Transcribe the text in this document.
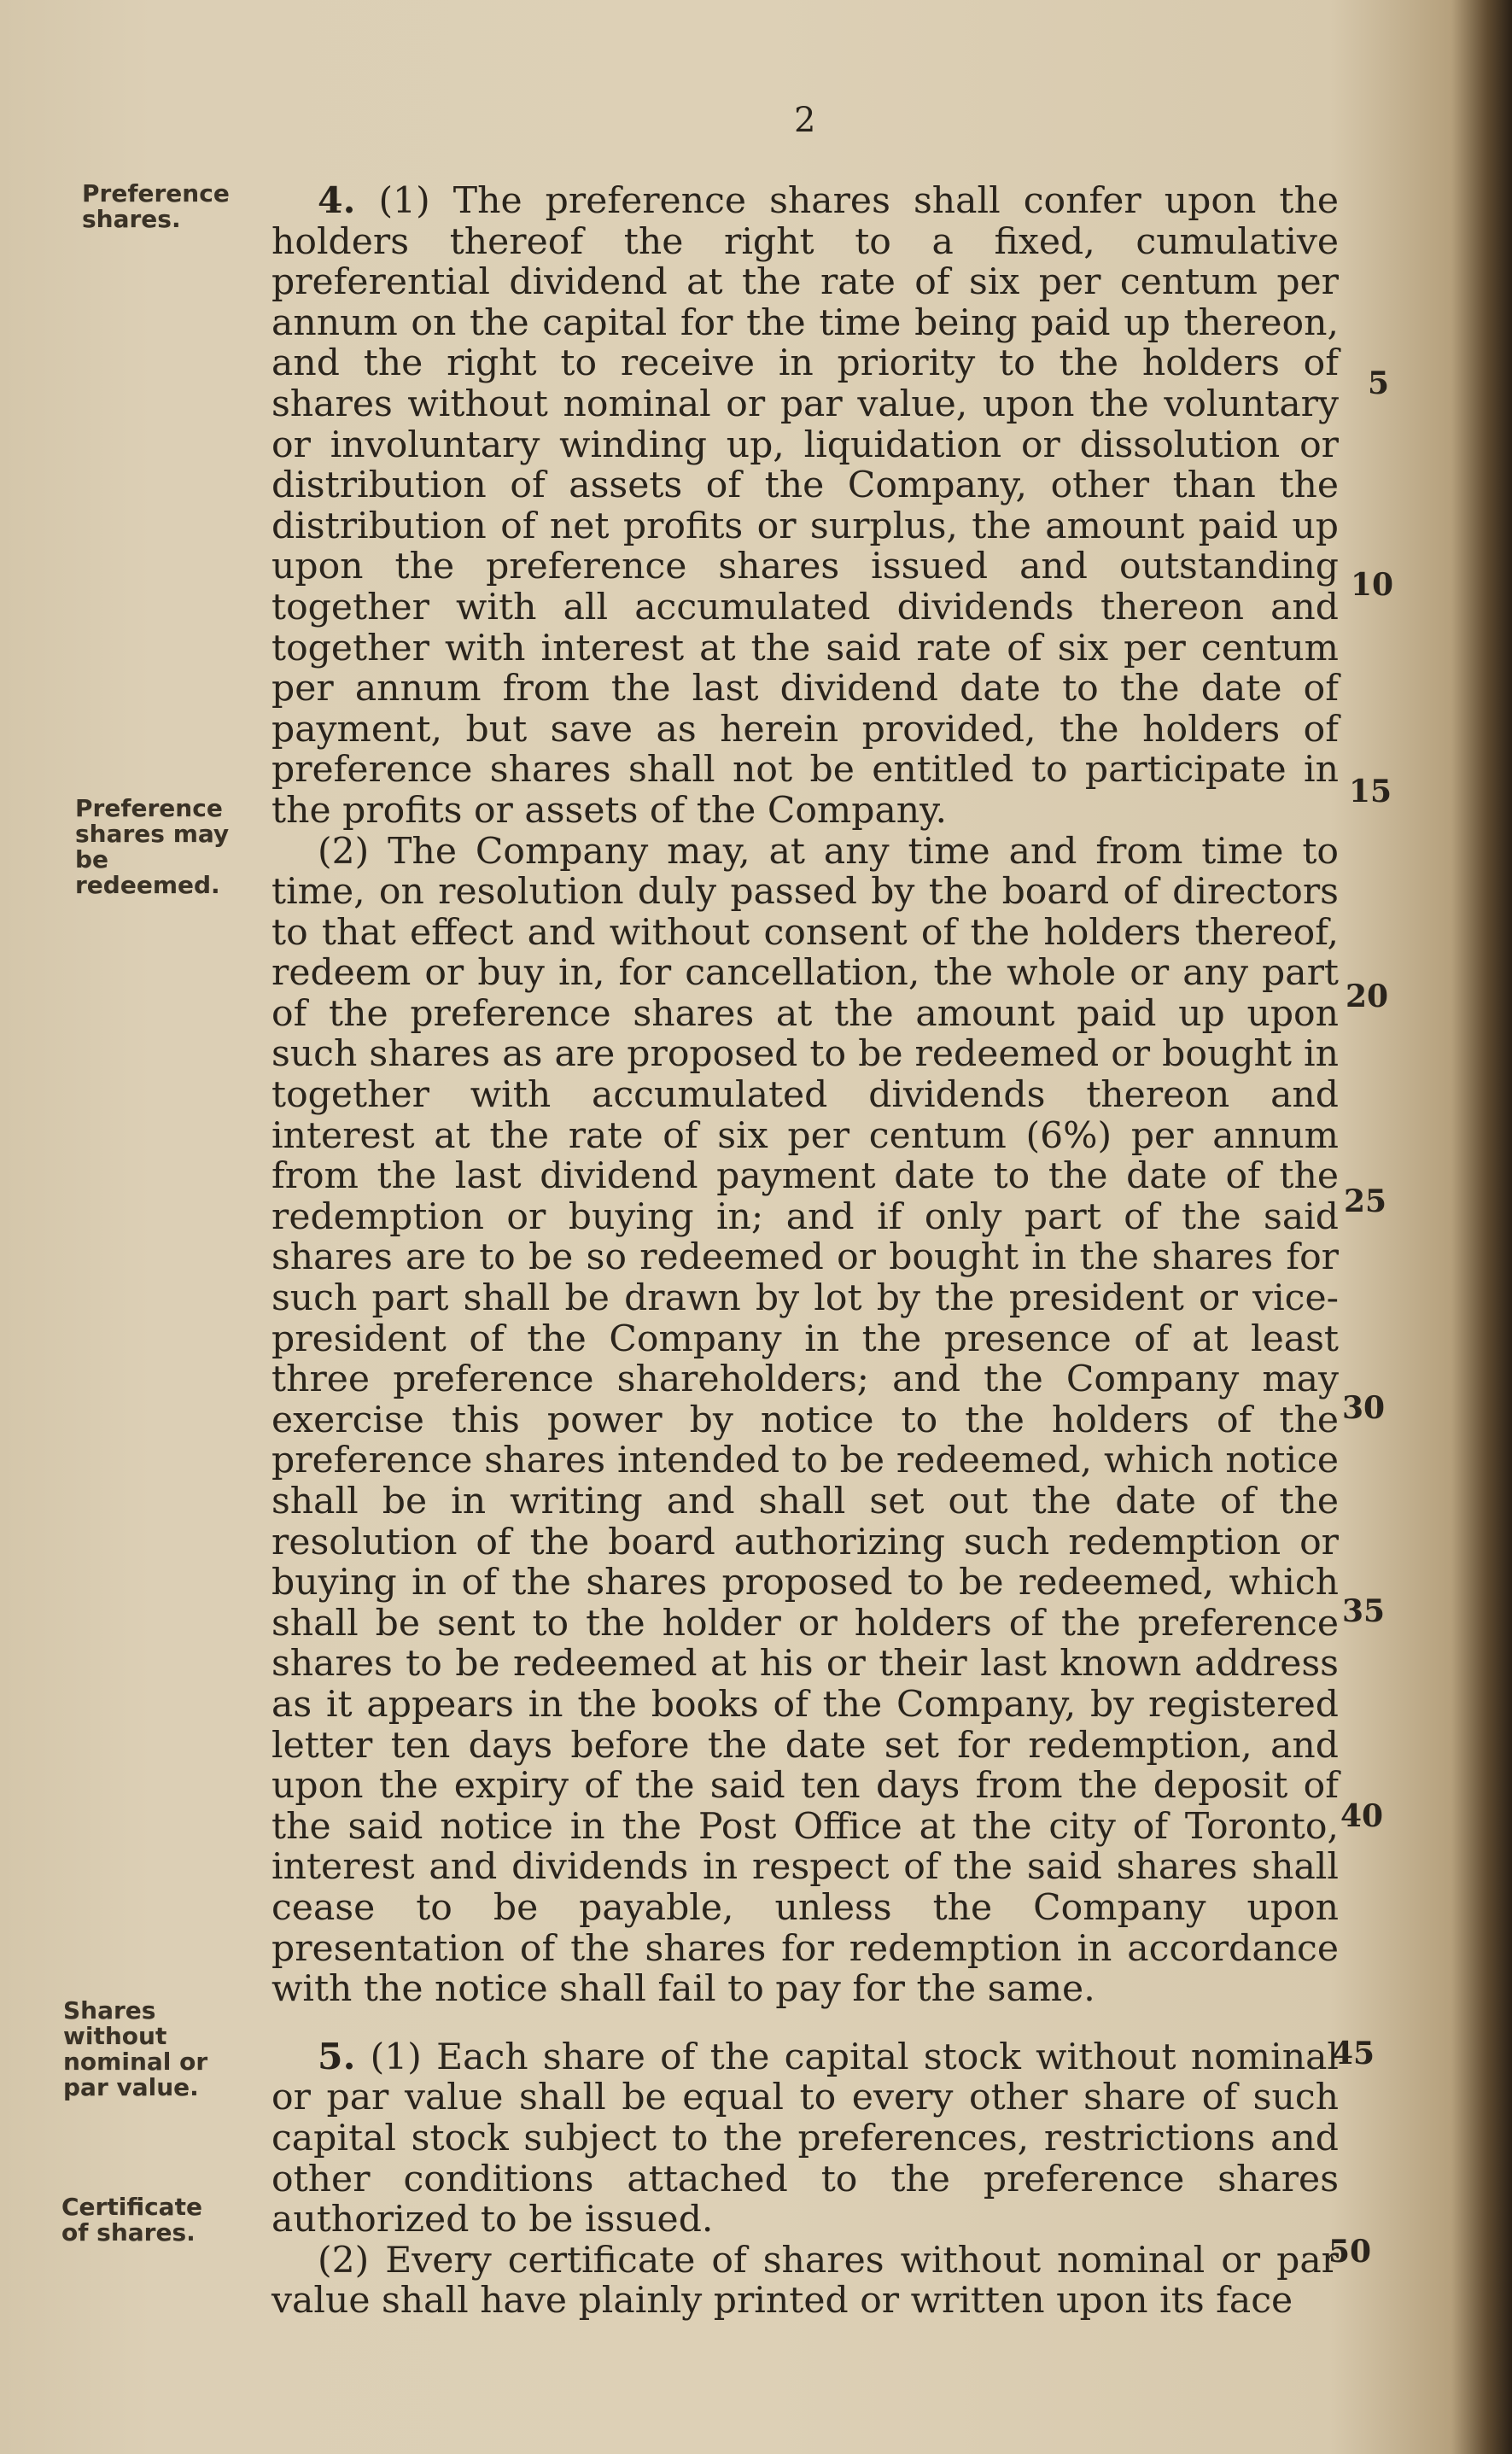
2
Preference shares.
Preference shares may be redeemed.
Shares without nominal or par value.
Certificate of shares.

4. (1) The preference shares shall confer upon the holders thereof the right to a fixed, cumulative preferential dividend at the rate of six per centum per annum on the capital for the time being paid up thereon, and the right to receive in priority to the holders of shares without nominal or par value, upon the voluntary or involuntary winding up, liquidation or dissolution or distribution of assets of the Company, other than the distribution of net profits or surplus, the amount paid up upon the preference shares issued and outstanding together with all accumulated dividends thereon and together with interest at the said rate of six per centum per annum from the last dividend date to the date of payment, but save as herein provided, the holders of preference shares shall not be entitled to participate in the profits or assets of the Company.

(2) The Company may, at any time and from time to time, on resolution duly passed by the board of directors to that effect and without consent of the holders thereof, redeem or buy in, for cancellation, the whole or any part of the preference shares at the amount paid up upon such shares as are proposed to be redeemed or bought in together with accumulated dividends thereon and interest at the rate of six per centum (6%) per annum from the last dividend payment date to the date of the redemption or buying in; and if only part of the said shares are to be so redeemed or bought in the shares for such part shall be drawn by lot by the president or vice-president of the Company in the presence of at least three preference shareholders; and the Company may exercise this power by notice to the holders of the preference shares intended to be redeemed, which notice shall be in writing and shall set out the date of the resolution of the board authorizing such redemption or buying in of the shares proposed to be redeemed, which shall be sent to the holder or holders of the preference shares to be redeemed at his or their last known address as it appears in the books of the Company, by registered letter ten days before the date set for redemption, and upon the expiry of the said ten days from the deposit of the said notice in the Post Office at the city of Toronto, interest and dividends in respect of the said shares shall cease to be payable, unless the Company upon presentation of the shares for redemption in accordance with the notice shall fail to pay for the same.

5. (1) Each share of the capital stock without nominal or par value shall be equal to every other share of such capital stock subject to the preferences, restrictions and other conditions attached to the preference shares authorized to be issued.

(2) Every certificate of shares without nominal or par value shall have plainly printed or written upon its face

5
10
15
20
25
30
35
40
45
50
